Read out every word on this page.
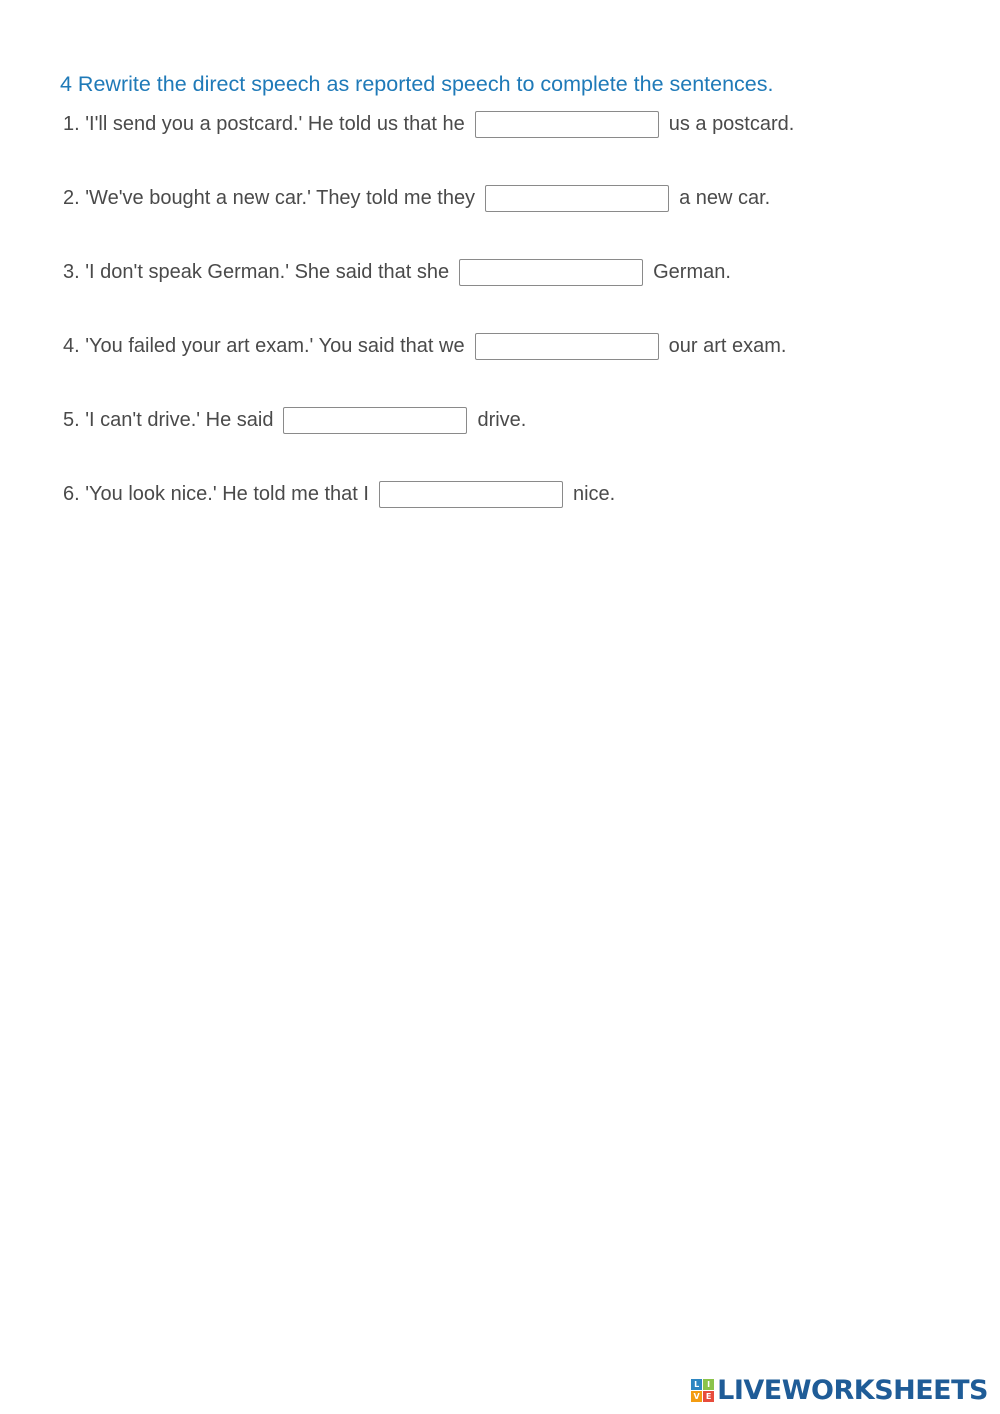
4 Rewrite the direct speech as reported speech to complete the sentences.
1. 'I'll send you a postcard.' He told us that he	us a postcard.
2. 'We've bought a new car.' They told me they	a new car.
3. 'I don't speak German.' She said that she	German.
4. 'You failed your art exam.' You said that we	our art exam.
5. 'I can't drive.' He said	drive.
6. 'You look nice.' He told me that I	nice.
L I
V E LIVEWORKSHEETS
